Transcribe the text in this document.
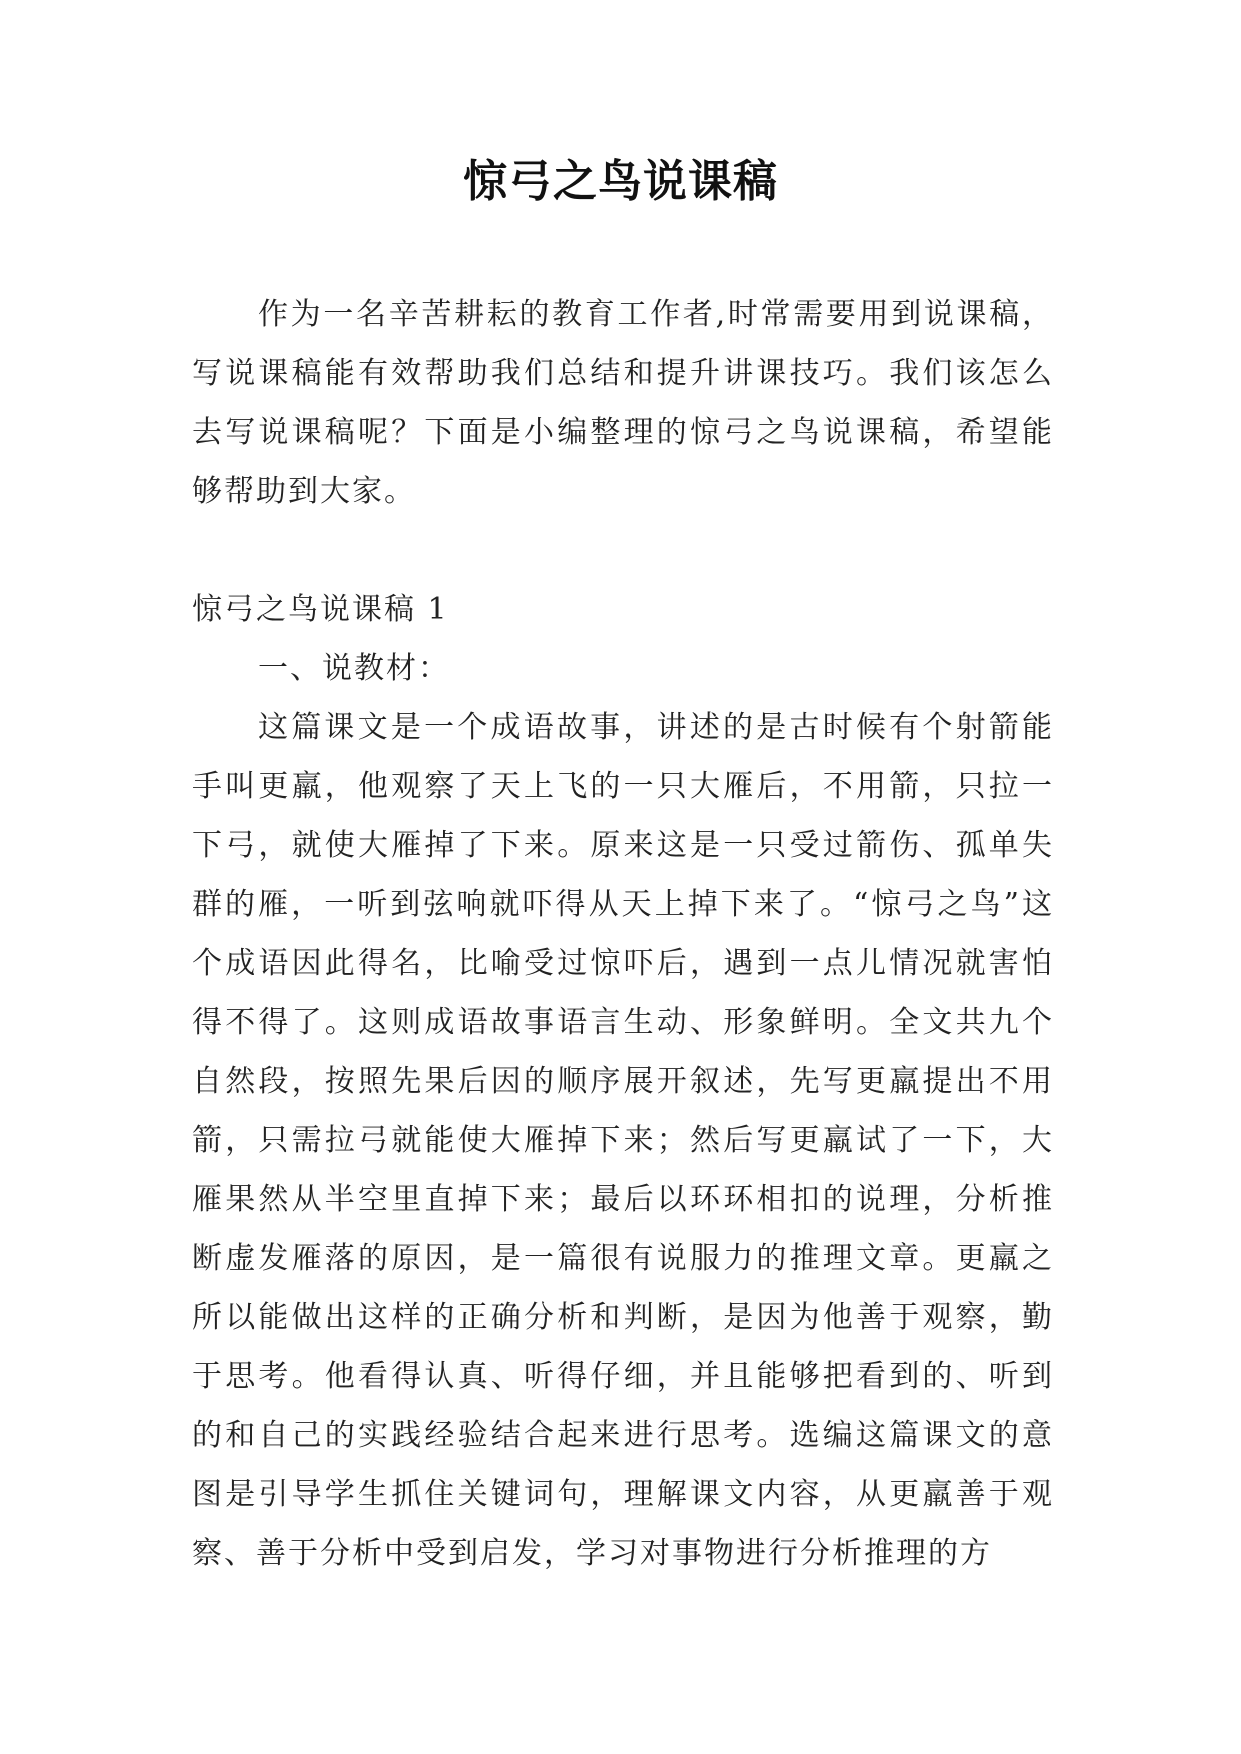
惊弓之鸟说课稿

作为一名辛苦耕耘的教育工作者,时常需要用到说课稿，写说课稿能有效帮助我们总结和提升讲课技巧。我们该怎么去写说课稿呢？下面是小编整理的惊弓之鸟说课稿，希望能够帮助到大家。

惊弓之鸟说课稿 1

一、说教材：

这篇课文是一个成语故事，讲述的是古时候有个射箭能手叫更羸，他观察了天上飞的一只大雁后，不用箭，只拉一下弓，就使大雁掉了下来。原来这是一只受过箭伤、孤单失群的雁，一听到弦响就吓得从天上掉下来了。“惊弓之鸟”这个成语因此得名，比喻受过惊吓后，遇到一点儿情况就害怕得不得了。这则成语故事语言生动、形象鲜明。全文共九个自然段，按照先果后因的顺序展开叙述，先写更羸提出不用箭，只需拉弓就能使大雁掉下来；然后写更羸试了一下，大雁果然从半空里直掉下来；最后以环环相扣的说理，分析推断虚发雁落的原因，是一篇很有说服力的推理文章。更羸之所以能做出这样的正确分析和判断，是因为他善于观察，勤于思考。他看得认真、听得仔细，并且能够把看到的、听到的和自己的实践经验结合起来进行思考。选编这篇课文的意图是引导学生抓住关键词句，理解课文内容，从更羸善于观察、善于分析中受到启发，学习对事物进行分析推理的方
